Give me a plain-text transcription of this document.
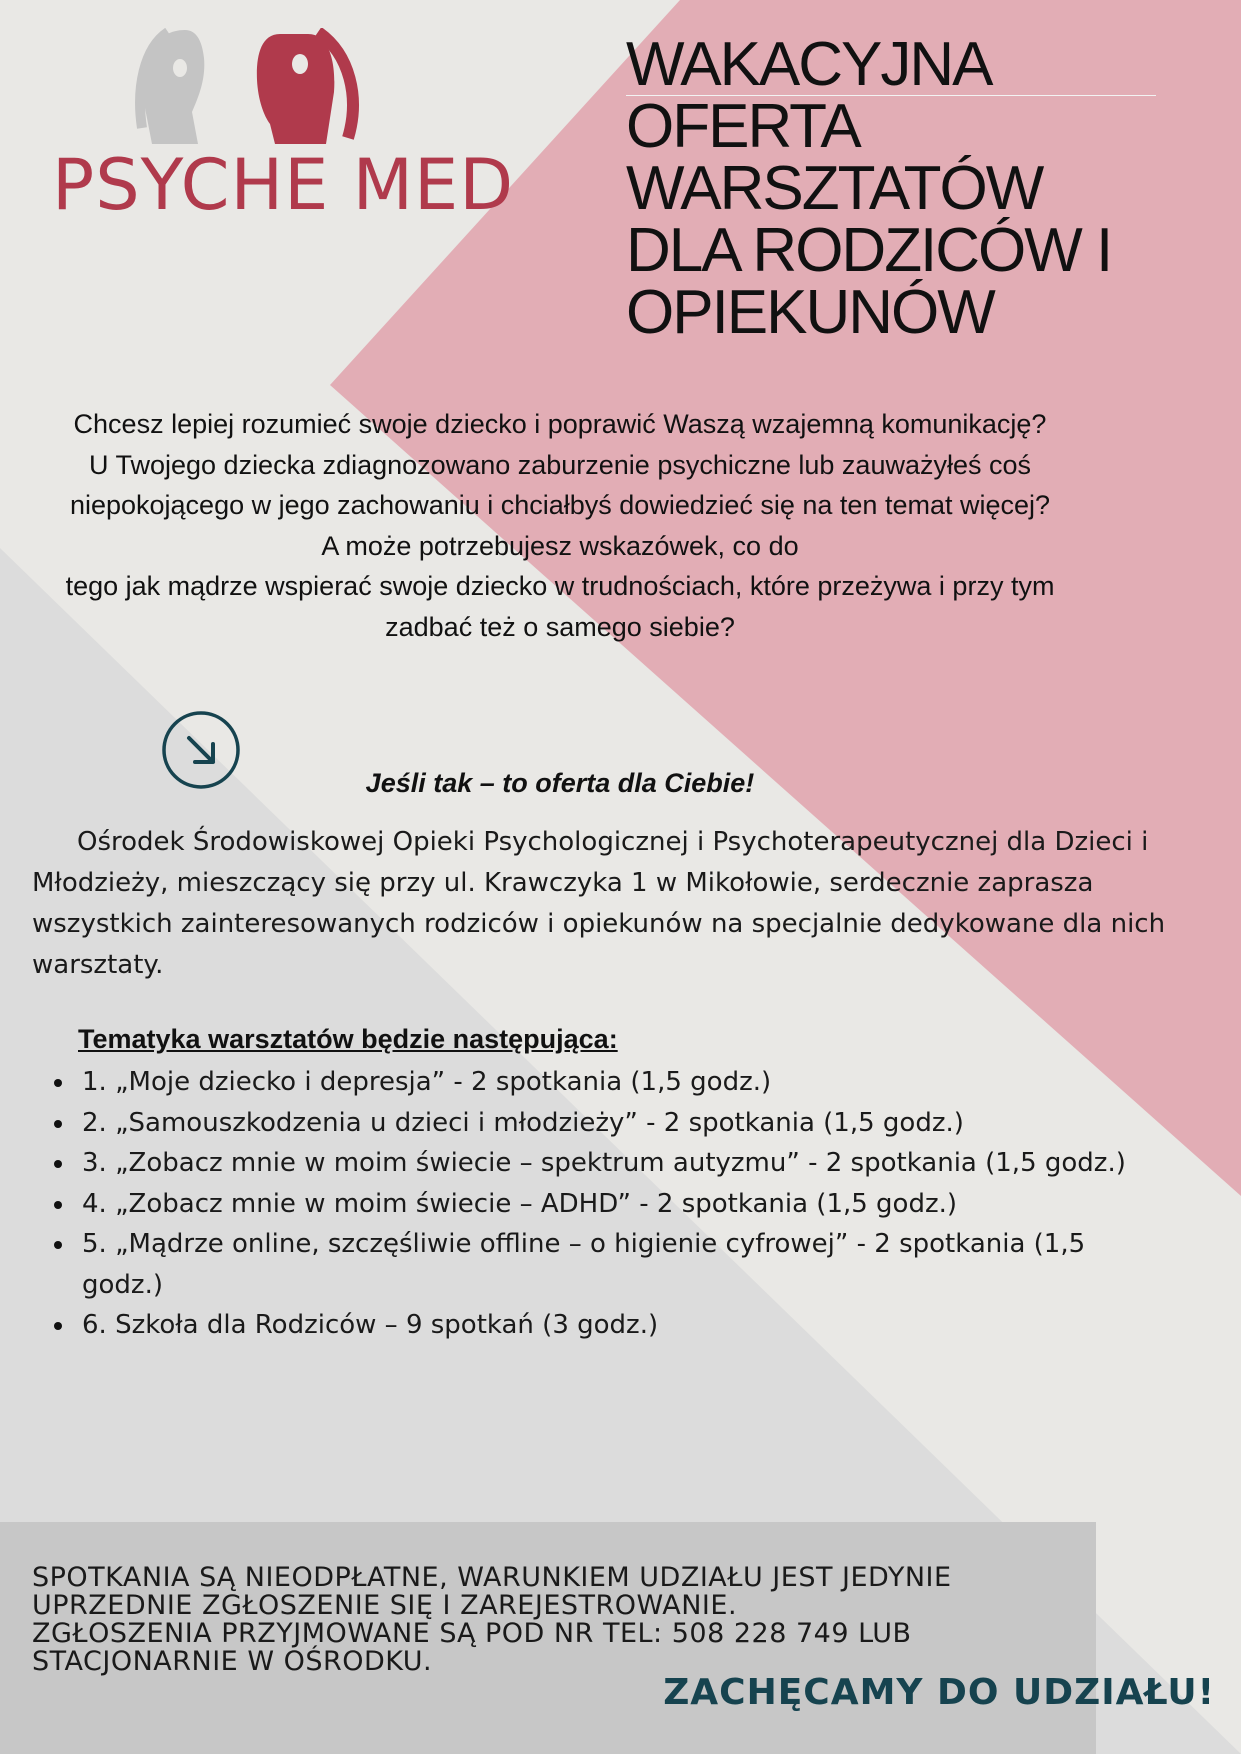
PSYCHE MED
WAKACYJNA OFERTA WARSZTATÓW DLA RODZICÓW I OPIEKUNÓW
Chcesz lepiej rozumieć swoje dziecko i poprawić Waszą wzajemną komunikację?
U Twojego dziecka zdiagnozowano zaburzenie psychiczne lub zauważyłeś coś niepokojącego w jego zachowaniu i chciałbyś dowiedzieć się na ten temat więcej?
A może potrzebujesz wskazówek, co do
tego jak mądrze wspierać swoje dziecko w trudnościach, które przeżywa i przy tym zadbać też o samego siebie?
Jeśli tak – to oferta dla Ciebie!
Ośrodek Środowiskowej Opieki Psychologicznej i Psychoterapeutycznej dla Dzieci i Młodzieży, mieszczący się przy ul. Krawczyka 1 w Mikołowie, serdecznie zaprasza wszystkich zainteresowanych rodziców i opiekunów na specjalnie dedykowane dla nich warsztaty.
Tematyka warsztatów będzie następująca:
1. „Moje dziecko i depresja” - 2 spotkania (1,5 godz.)
2. „Samouszkodzenia u dzieci i młodzieży” - 2 spotkania (1,5 godz.)
3. „Zobacz mnie w moim świecie – spektrum autyzmu” - 2 spotkania (1,5 godz.)
4. „Zobacz mnie w moim świecie – ADHD” - 2 spotkania (1,5 godz.)
5. „Mądrze online, szczęśliwie offline – o higienie cyfrowej” - 2 spotkania (1,5 godz.)
6. Szkoła dla Rodziców – 9 spotkań (3 godz.)
SPOTKANIA SĄ NIEODPŁATNE, WARUNKIEM UDZIAŁU JEST JEDYNIE
UPRZEDNIE ZGŁOSZENIE SIĘ I ZAREJESTROWANIE.
ZGŁOSZENIA PRZYJMOWANE SĄ POD NR TEL: 508 228 749 LUB
STACJONARNIE W OŚRODKU.
ZACHĘCAMY DO UDZIAŁU!
